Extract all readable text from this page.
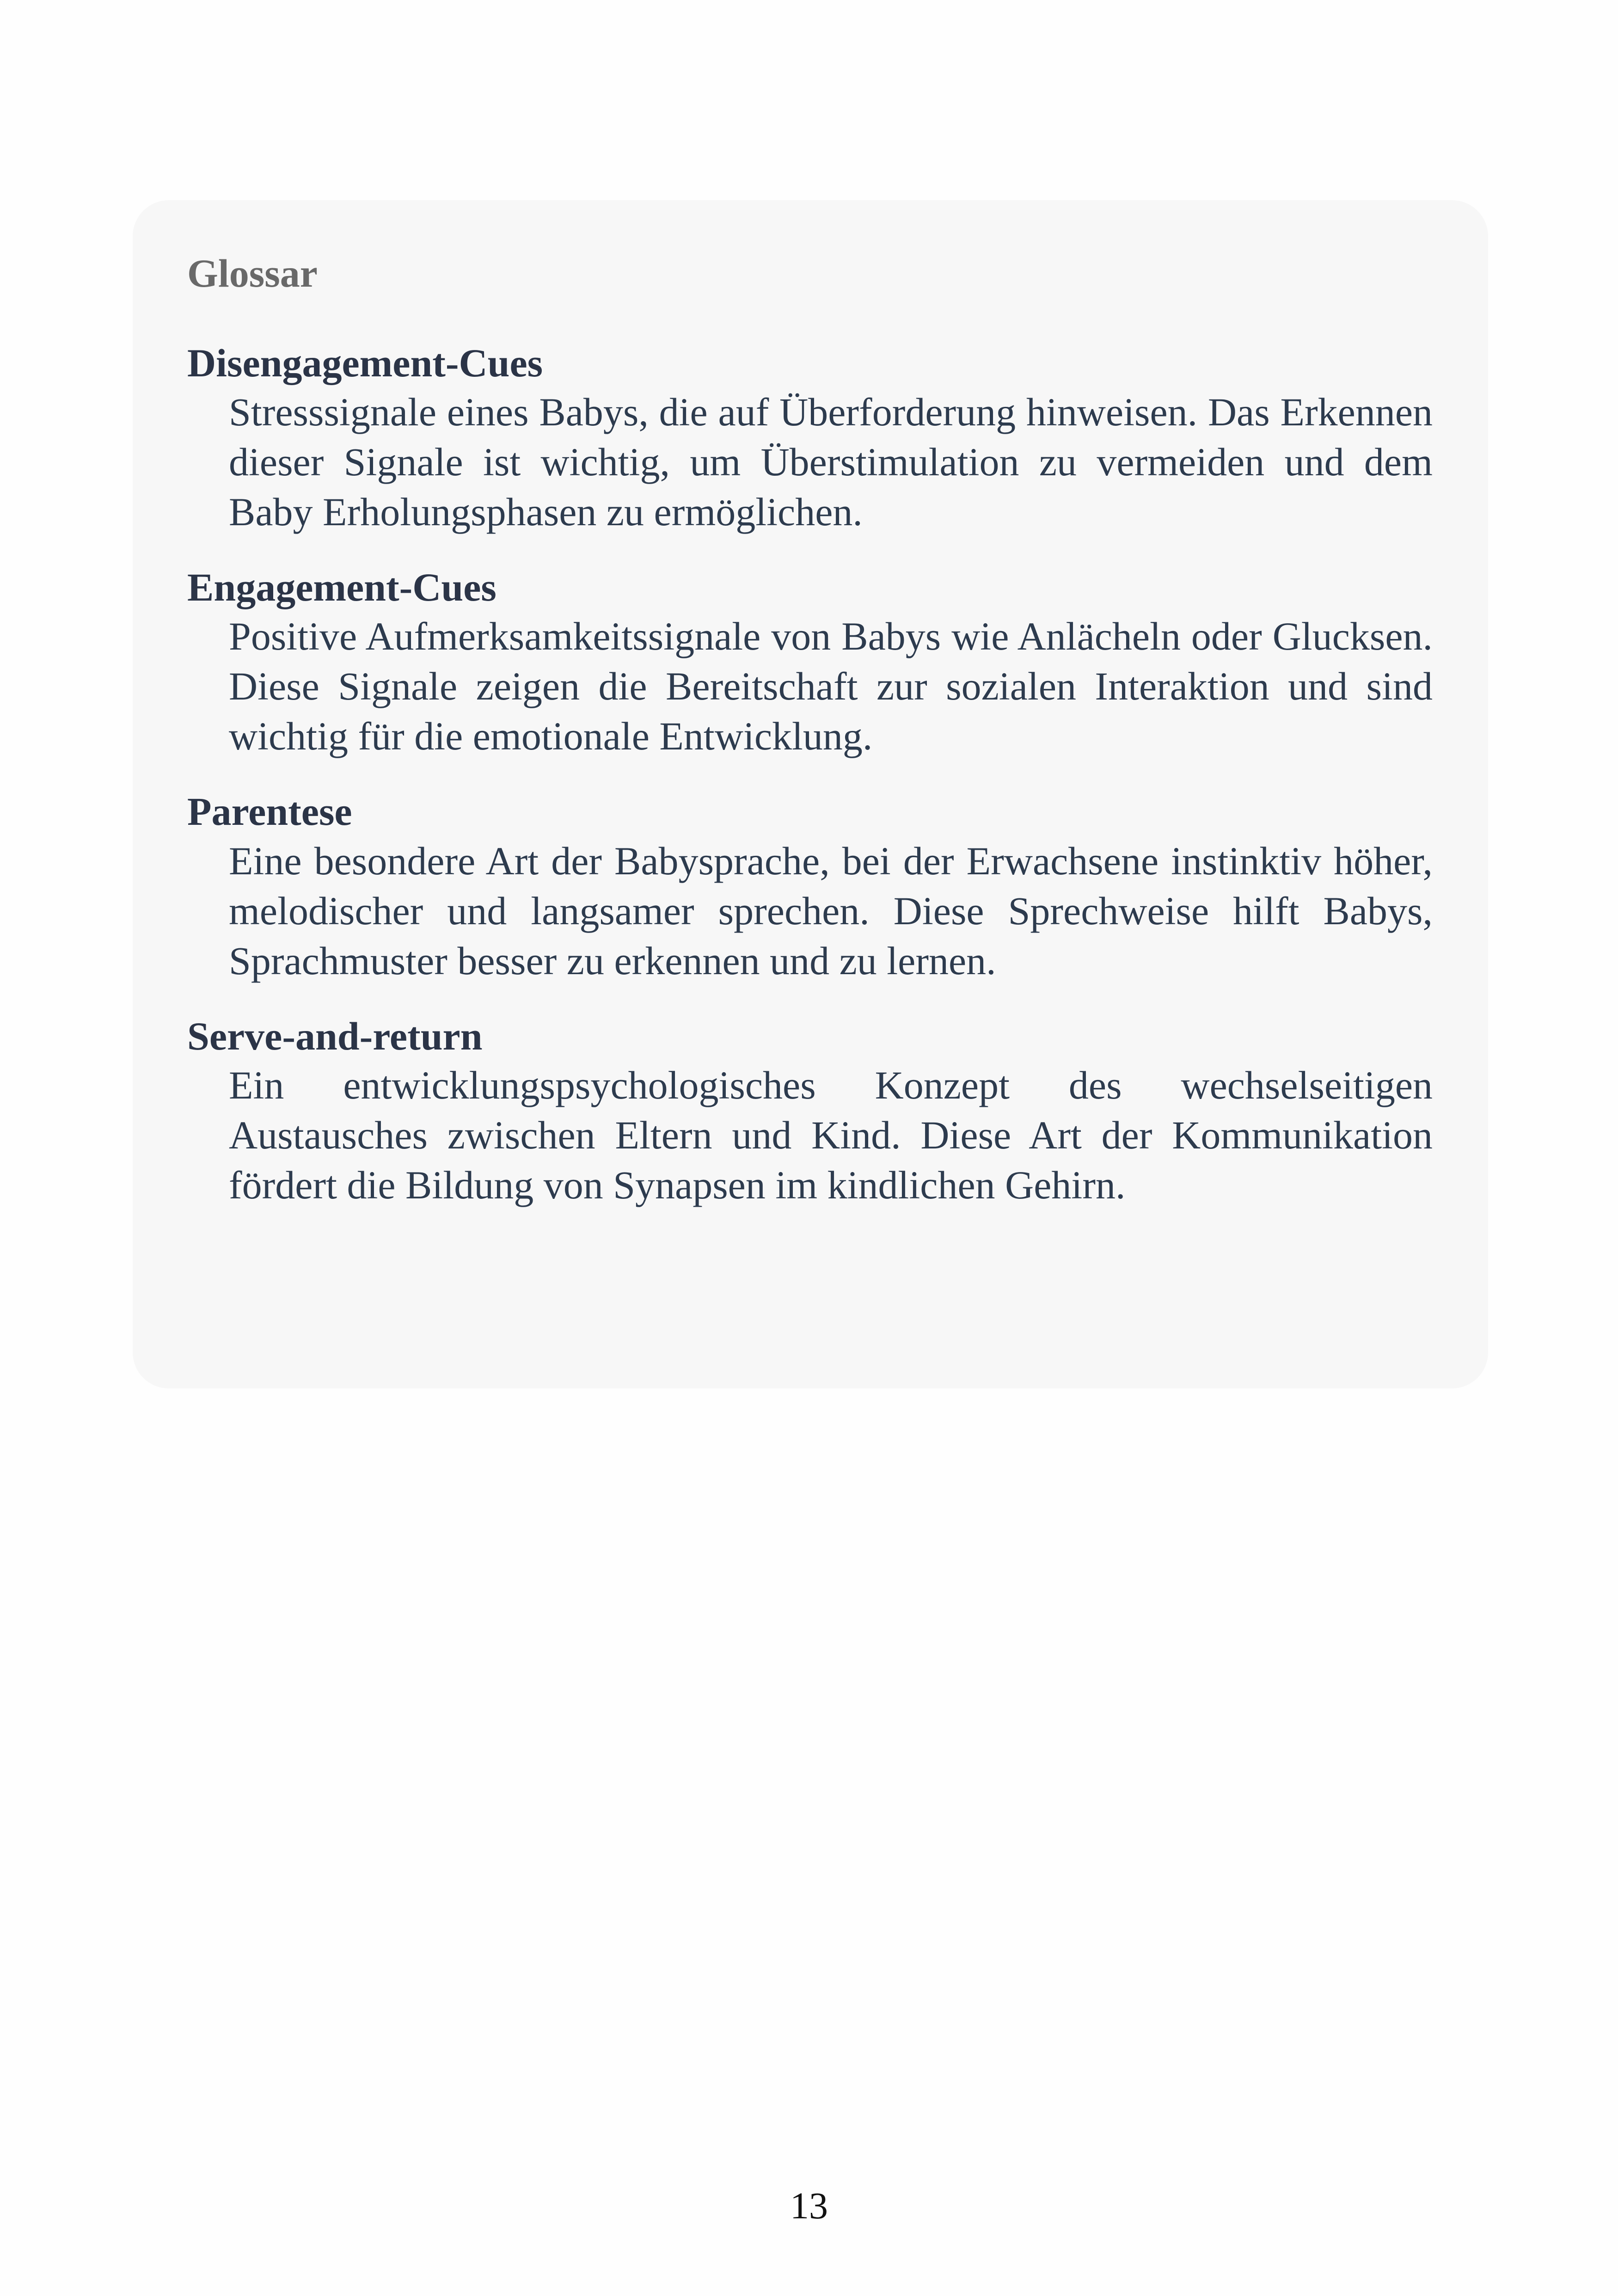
Glossar
Disengagement-Cues
Stresssignale eines Babys, die auf Überforderung hinweisen. Das Erkennen dieser Signale ist wichtig, um Überstimulation zu vermeiden und dem Baby Erholungsphasen zu ermöglichen.
Engagement-Cues
Positive Aufmerksamkeitssignale von Babys wie Anlächeln oder Glucksen. Diese Signale zeigen die Bereitschaft zur sozialen Interaktion und sind wichtig für die emotionale Entwicklung.
Parentese
Eine besondere Art der Babysprache, bei der Erwachsene instinktiv höher, melodischer und langsamer sprechen. Diese Sprechweise hilft Babys, Sprachmuster besser zu erkennen und zu lernen.
Serve-and-return
Ein entwicklungspsychologisches Konzept des wechselseitigen Austausches zwischen Eltern und Kind. Diese Art der Kommunikation fördert die Bildung von Synapsen im kindlichen Gehirn.
13
